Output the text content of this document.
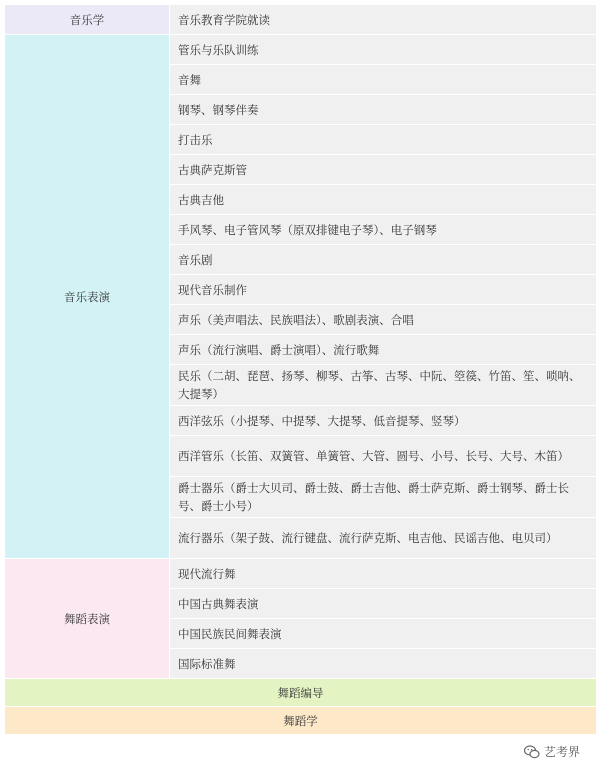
音乐学	音乐教育学院就读
音乐表演	管乐与乐队训练
	音舞
	钢琴、钢琴伴奏
	打击乐
	古典萨克斯管
	古典吉他
	手风琴、电子管风琴（原双排键电子琴）、电子钢琴
	音乐剧
	现代音乐制作
	声乐（美声唱法、民族唱法）、歌剧表演、合唱
	声乐（流行演唱、爵士演唱）、流行歌舞
	民乐（二胡、琵琶、扬琴、柳琴、古筝、古琴、中阮、箜篌、竹笛、笙、唢呐、大提琴）
	西洋弦乐（小提琴、中提琴、大提琴、低音提琴、竖琴）
	西洋管乐（长笛、双簧管、单簧管、大管、圆号、小号、长号、大号、木笛）
	爵士器乐（爵士大贝司、爵士鼓、爵士吉他、爵士萨克斯、爵士钢琴、爵士长号、爵士小号）
	流行器乐（架子鼓、流行键盘、流行萨克斯、电吉他、民谣吉他、电贝司）
舞蹈表演	现代流行舞
	中国古典舞表演
	中国民族民间舞表演
	国际标准舞
舞蹈编导	
舞蹈学	
艺考界
